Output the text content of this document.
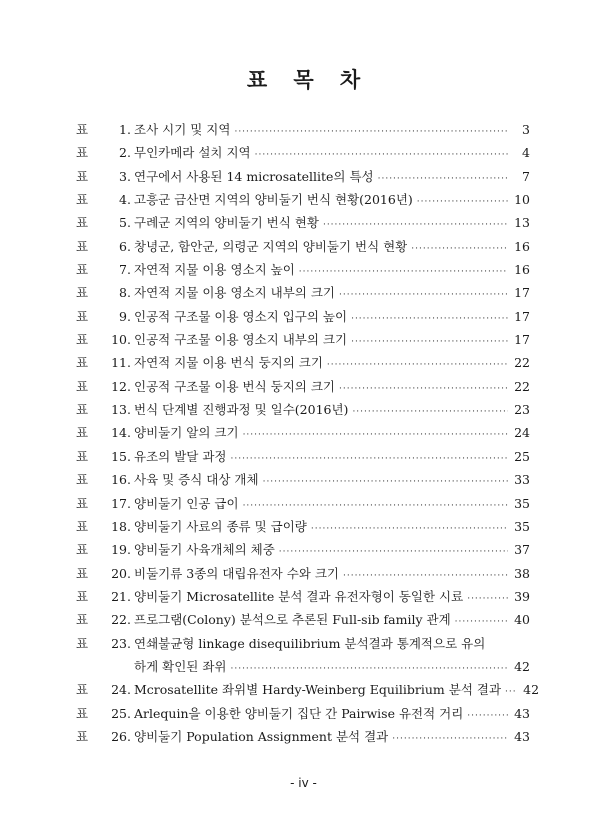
표 목 차
표	1 . 조사 시기 및 지역 ·····	3
표	2 . 무인카메라 설치 지역 ·····	4
표	3 . 연구에서 사용된 14 microsatellite의 특성 ·····	7
표	4 . 고흥군 금산면 지역의 양비둘기 번식 현황(2016년) ·····	10
표	5 . 구례군 지역의 양비둘기 번식 현황 ·····	13
표	6 . 창녕군, 함안군, 의령군 지역의 양비둘기 번식 현황 ·····	16
표	7 . 자연적 지물 이용 영소지 높이 ·····	16
표	8 . 자연적 지물 이용 영소지 내부의 크기 ·····	17
표	9 . 인공적 구조물 이용 영소지 입구의 높이 ·····	17
표	10 . 인공적 구조물 이용 영소지 내부의 크기 ·····	17
표	11 . 자연적 지물 이용 번식 둥지의 크기 ·····	22
표	12 . 인공적 구조물 이용 번식 둥지의 크기 ·····	22
표	13 . 번식 단계별 진행과정 및 일수(2016년) ·····	23
표	14 . 양비둘기 알의 크기 ·····	24
표	15 . 유조의 발달 과정 ·····	25
표	16 . 사육 및 증식 대상 개체 ·····	33
표	17 . 양비둘기 인공 급이 ·····	35
표	18 . 양비둘기 사료의 종류 및 급이량 ·····	35
표	19 . 양비둘기 사육개체의 체중 ·····	37
표	20 . 비둘기류 3종의 대립유전자 수와 크기 ·····	38
표	21 . 양비둘기 Microsatellite 분석 결과 유전자형이 동일한 시료 ·····	39
표	22 . 프로그램(Colony) 분석으로 추론된 Full-sib family 관계 ·····	40
표	23 . 연쇄불균형 linkage disequilibrium 분석결과 통계적으로 유의
하게 확인된 좌위 ·····	42
표	24 . Mcrosatellite 좌위별 Hardy-Weinberg Equilibrium 분석 결과 ·····	42
표	25 . Arlequin을 이용한 양비둘기 집단 간 Pairwise 유전적 거리 ·····	43
표	26 . 양비둘기 Population Assignment 분석 결과 ·····	43
- iv -
